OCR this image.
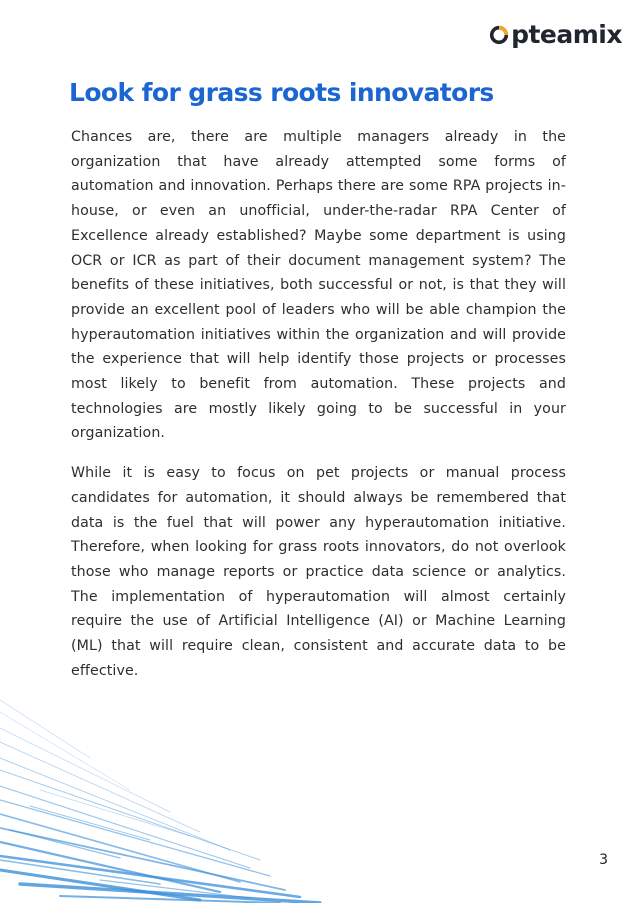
pteamix
Look for grass roots innovators

Chances are, there are multiple managers already in the organization that have already attempted some forms of automation and innovation. Perhaps there are some RPA projects in-house, or even an unofficial, under-the-radar RPA Center of Excellence already established? Maybe some department is using OCR or ICR as part of their document management system? The benefits of these initiatives, both successful or not, is that they will provide an excellent pool of leaders who will be able champion the hyperautomation initiatives within the organization and will provide the experience that will help identify those projects or processes most likely to benefit from automation. These projects and technologies are mostly likely going to be successful in your organization.

While it is easy to focus on pet projects or manual process candidates for automation, it should always be remembered that data is the fuel that will power any hyperautomation initiative. Therefore, when looking for grass roots innovators, do not overlook those who manage reports or practice data science or analytics. The implementation of hyperautomation will almost certainly require the use of Artificial Intelligence (AI) or Machine Learning (ML) that will require clean, consistent and accurate data to be effective.

3
